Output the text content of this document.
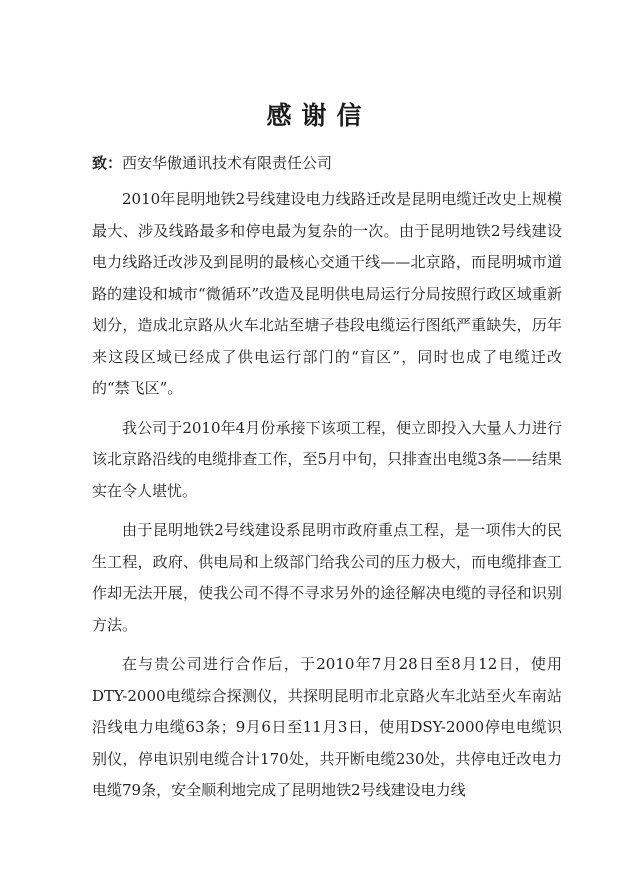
感谢信
致：西安华傲通讯技术有限责任公司

2010年昆明地铁2号线建设电力线路迁改是昆明电缆迁改史上规模最大、涉及线路最多和停电最为复杂的一次。由于昆明地铁2号线建设电力线路迁改涉及到昆明的最核心交通干线——北京路，而昆明城市道路的建设和城市“微循环”改造及昆明供电局运行分局按照行政区域重新划分，造成北京路从火车北站至塘子巷段电缆运行图纸严重缺失，历年来这段区域已经成了供电运行部门的“盲区”，同时也成了电缆迁改的“禁飞区”。

我公司于2010年4月份承接下该项工程，便立即投入大量人力进行该北京路沿线的电缆排查工作，至5月中旬，只排查出电缆3条——结果实在令人堪忧。

由于昆明地铁2号线建设系昆明市政府重点工程，是一项伟大的民生工程，政府、供电局和上级部门给我公司的压力极大，而电缆排查工作却无法开展，使我公司不得不寻求另外的途径解决电缆的寻径和识别方法。

在与贵公司进行合作后，于2010年7月28日至8月12日，使用DTY-2000电缆综合探测仪，共探明昆明市北京路火车北站至火车南站沿线电力电缆63条；9月6日至11月3日，使用DSY-2000停电电缆识别仪，停电识别电缆合计170处，共开断电缆230处，共停电迁改电力电缆79条，安全顺利地完成了昆明地铁2号线建设电力线
